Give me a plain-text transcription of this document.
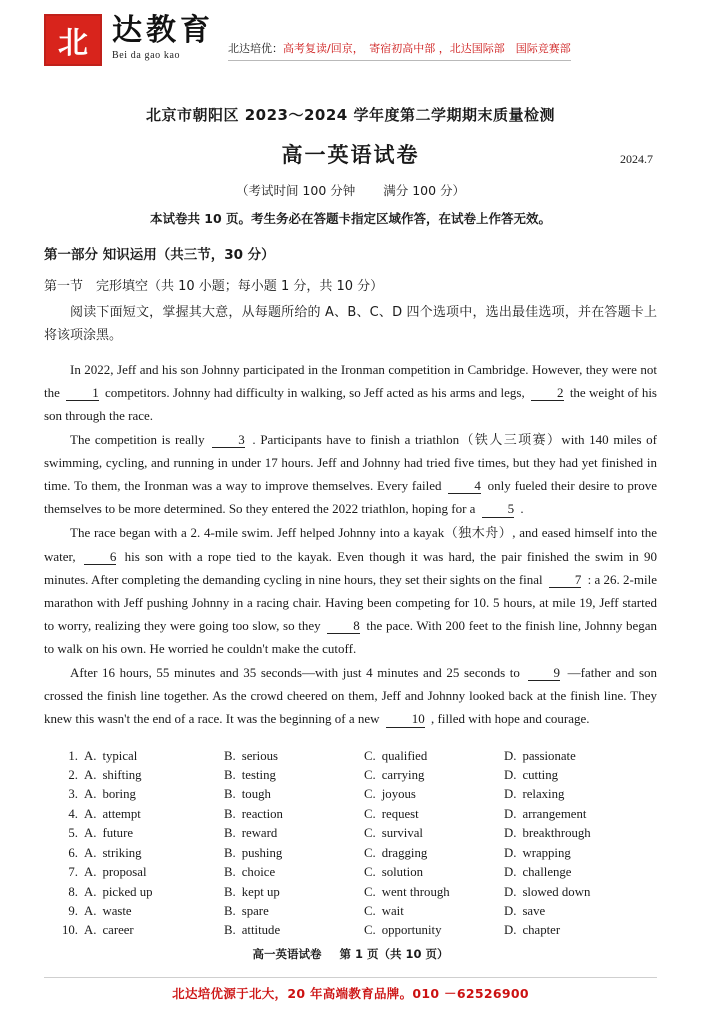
北 达教育
Bei da gao kao
北达培优：高考复读/回京，　寄宿初高中部 ，北达国际部　国际竞赛部
北京市朝阳区 2023～2024 学年度第二学期期末质量检测
高一英语试卷	2024.7
（考试时间 100 分钟 满分 100 分）
本试卷共 10 页。考生务必在答题卡指定区域作答，在试卷上作答无效。
第一部分 知识运用（共三节，30 分）
第一节　完形填空（共 10 小题；每小题 1 分，共 10 分）
阅读下面短文，掌握其大意，从每题所给的 A、B、C、D 四个选项中，选出最佳选项，并在答题卡上将该项涂黑。

In 2022, Jeff and his son Johnny participated in the Ironman competition in Cambridge. However, they were not the 1 competitors. Johnny had difficulty in walking, so Jeff acted as his arms and legs, 2 the weight of his son through the race.

The competition is really 3 . Participants have to finish a triathlon（铁人三项赛）with 140 miles of swimming, cycling, and running in under 17 hours. Jeff and Johnny had tried five times, but they had yet finished in time. To them, the Ironman was a way to improve themselves. Every failed 4 only fueled their desire to prove themselves to be more determined. So they entered the 2022 triathlon, hoping for a 5 .

The race began with a 2. 4-mile swim. Jeff helped Johnny into a kayak（独木舟）, and eased himself into the water, 6 his son with a rope tied to the kayak. Even though it was hard, the pair finished the swim in 90 minutes. After completing the demanding cycling in nine hours, they set their sights on the final 7 : a 26. 2-mile marathon with Jeff pushing Johnny in a racing chair. Having been competing for 10. 5 hours, at mile 19, Jeff started to worry, realizing they were going too slow, so they 8 the pace. With 200 feet to the finish line, Johnny began to walk on his own. He worried he couldn't make the cutoff.

After 16 hours, 55 minutes and 35 seconds—with just 4 minutes and 25 seconds to 9 —father and son crossed the finish line together. As the crowd cheered on them, Jeff and Johnny looked back at the finish line. They knew this wasn't the end of a race. It was the beginning of a new 10 , filled with hope and courage.

1. A. typical	B. serious	C. qualified	D. passionate
2. A. shifting	B. testing	C. carrying	D. cutting
3. A. boring	B. tough	C. joyous	D. relaxing
4. A. attempt	B. reaction	C. request	D. arrangement
5. A. future	B. reward	C. survival	D. breakthrough
6. A. striking	B. pushing	C. dragging	D. wrapping
7. A. proposal	B. choice	C. solution	D. challenge
8. A. picked up	B. kept up	C. went through	D. slowed down
9. A. waste	B. spare	C. wait	D. save
10. A. career	B. attitude	C. opportunity	D. chapter
高一英语试卷 第 1 页（共 10 页）
北达培优源于北大，20 年高端教育品牌。010 －62526900
